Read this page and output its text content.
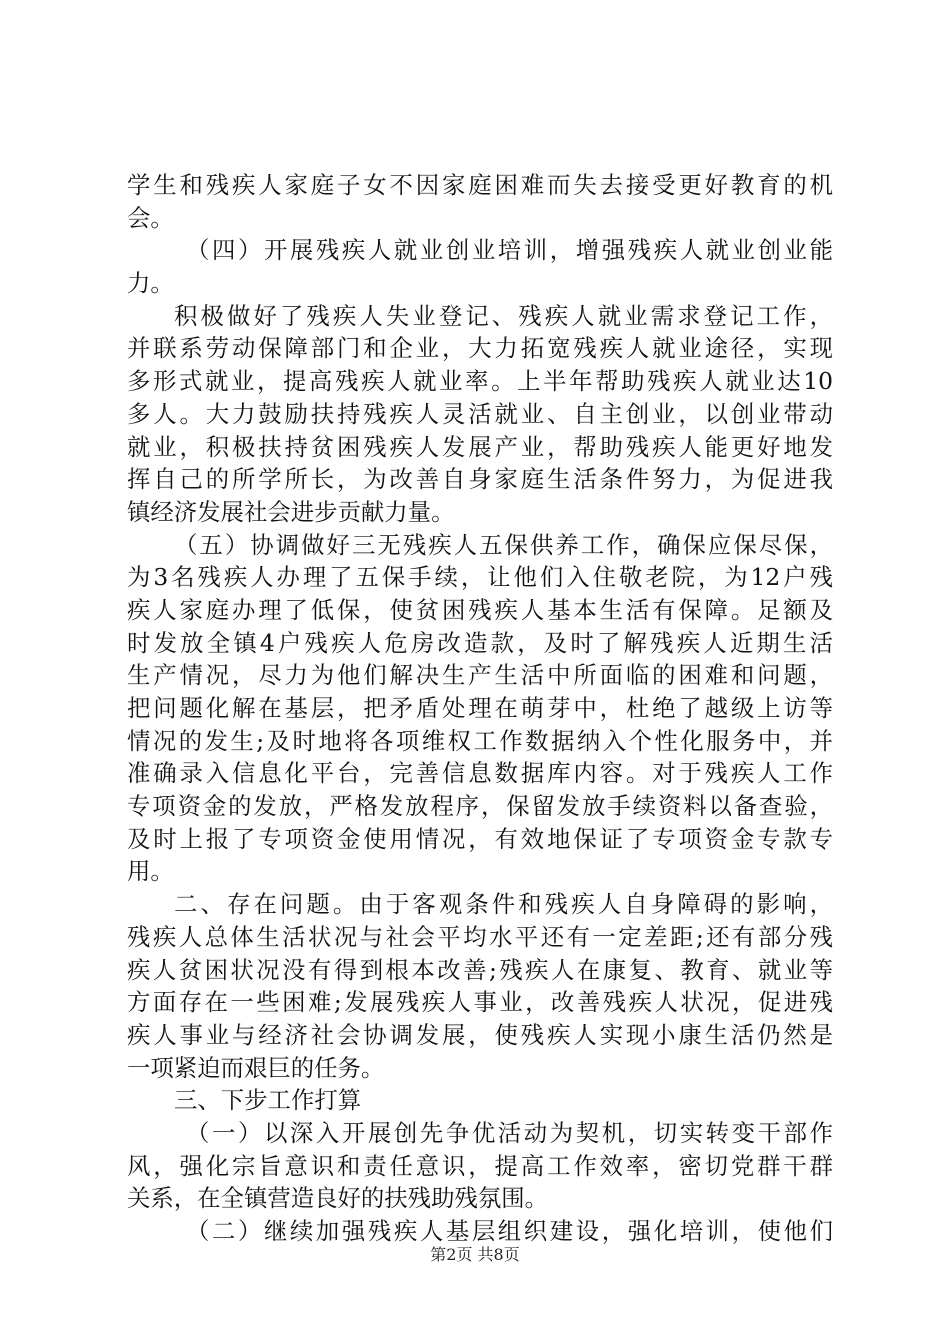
学生和残疾人家庭子女不因家庭困难而失去接受更好教育的机
会。
（四）开展残疾人就业创业培训，增强残疾人就业创业能
力。
积极做好了残疾人失业登记、残疾人就业需求登记工作，
并联系劳动保障部门和企业，大力拓宽残疾人就业途径，实现
多形式就业，提高残疾人就业率。上半年帮助残疾人就业达10
多人。大力鼓励扶持残疾人灵活就业、自主创业，以创业带动
就业，积极扶持贫困残疾人发展产业，帮助残疾人能更好地发
挥自己的所学所长，为改善自身家庭生活条件努力，为促进我
镇经济发展社会进步贡献力量。
（五）协调做好三无残疾人五保供养工作，确保应保尽保，
为3名残疾人办理了五保手续，让他们入住敬老院，为12户残
疾人家庭办理了低保，使贫困残疾人基本生活有保障。足额及
时发放全镇4户残疾人危房改造款，及时了解残疾人近期生活
生产情况，尽力为他们解决生产生活中所面临的困难和问题，
把问题化解在基层，把矛盾处理在萌芽中，杜绝了越级上访等
情况的发生;及时地将各项维权工作数据纳入个性化服务中，并
准确录入信息化平台，完善信息数据库内容。对于残疾人工作
专项资金的发放，严格发放程序，保留发放手续资料以备查验，
及时上报了专项资金使用情况，有效地保证了专项资金专款专
用。
二、存在问题。由于客观条件和残疾人自身障碍的影响，
残疾人总体生活状况与社会平均水平还有一定差距;还有部分残
疾人贫困状况没有得到根本改善;残疾人在康复、教育、就业等
方面存在一些困难;发展残疾人事业，改善残疾人状况，促进残
疾人事业与经济社会协调发展，使残疾人实现小康生活仍然是
一项紧迫而艰巨的任务。
三、下步工作打算
（一）以深入开展创先争优活动为契机，切实转变干部作
风，强化宗旨意识和责任意识，提高工作效率，密切党群干群
关系，在全镇营造良好的扶残助残氛围。
（二）继续加强残疾人基层组织建设，强化培训，使他们
第2页 共8页
